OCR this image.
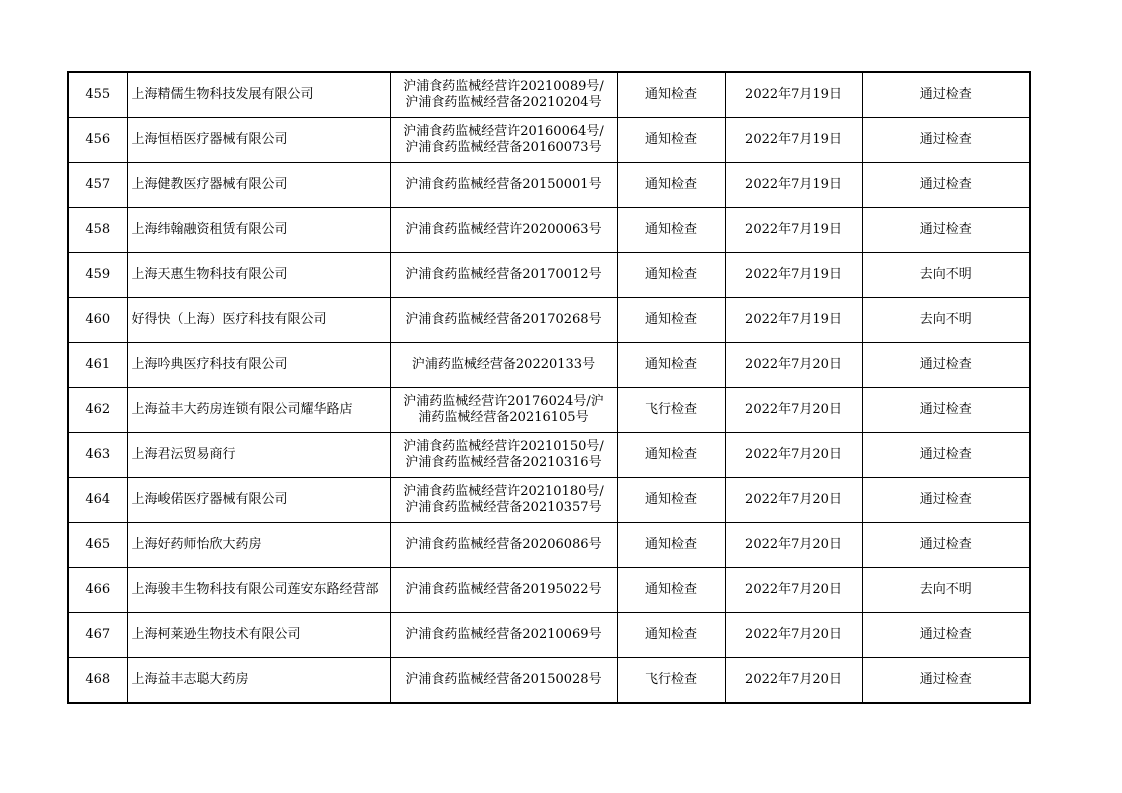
455	上海精儒生物科技发展有限公司	沪浦食药监械经营许20210089号/
沪浦食药监械经营备20210204号	通知检查	2022年7月19日	通过检查
456	上海恒梧医疗器械有限公司	沪浦食药监械经营许20160064号/
沪浦食药监械经营备20160073号	通知检查	2022年7月19日	通过检查
457	上海健教医疗器械有限公司	沪浦食药监械经营备20150001号	通知检查	2022年7月19日	通过检查
458	上海纬翰融资租赁有限公司	沪浦食药监械经营许20200063号	通知检查	2022年7月19日	通过检查
459	上海天惠生物科技有限公司	沪浦食药监械经营备20170012号	通知检查	2022年7月19日	去向不明
460	好得快（上海）医疗科技有限公司	沪浦食药监械经营备20170268号	通知检查	2022年7月19日	去向不明
461	上海吟典医疗科技有限公司	沪浦药监械经营备20220133号	通知检查	2022年7月20日	通过检查
462	上海益丰大药房连锁有限公司耀华路店	沪浦药监械经营许20176024号/沪
浦药监械经营备20216105号	飞行检查	2022年7月20日	通过检查
463	上海君沄贸易商行	沪浦食药监械经营许20210150号/
沪浦食药监械经营备20210316号	通知检查	2022年7月20日	通过检查
464	上海峻偌医疗器械有限公司	沪浦食药监械经营许20210180号/
沪浦食药监械经营备20210357号	通知检查	2022年7月20日	通过检查
465	上海好药师怡欣大药房	沪浦食药监械经营备20206086号	通知检查	2022年7月20日	通过检查
466	上海骏丰生物科技有限公司莲安东路经营部	沪浦食药监械经营备20195022号	通知检查	2022年7月20日	去向不明
467	上海柯莱逊生物技术有限公司	沪浦食药监械经营备20210069号	通知检查	2022年7月20日	通过检查
468	上海益丰志聪大药房	沪浦食药监械经营备20150028号	飞行检查	2022年7月20日	通过检查
